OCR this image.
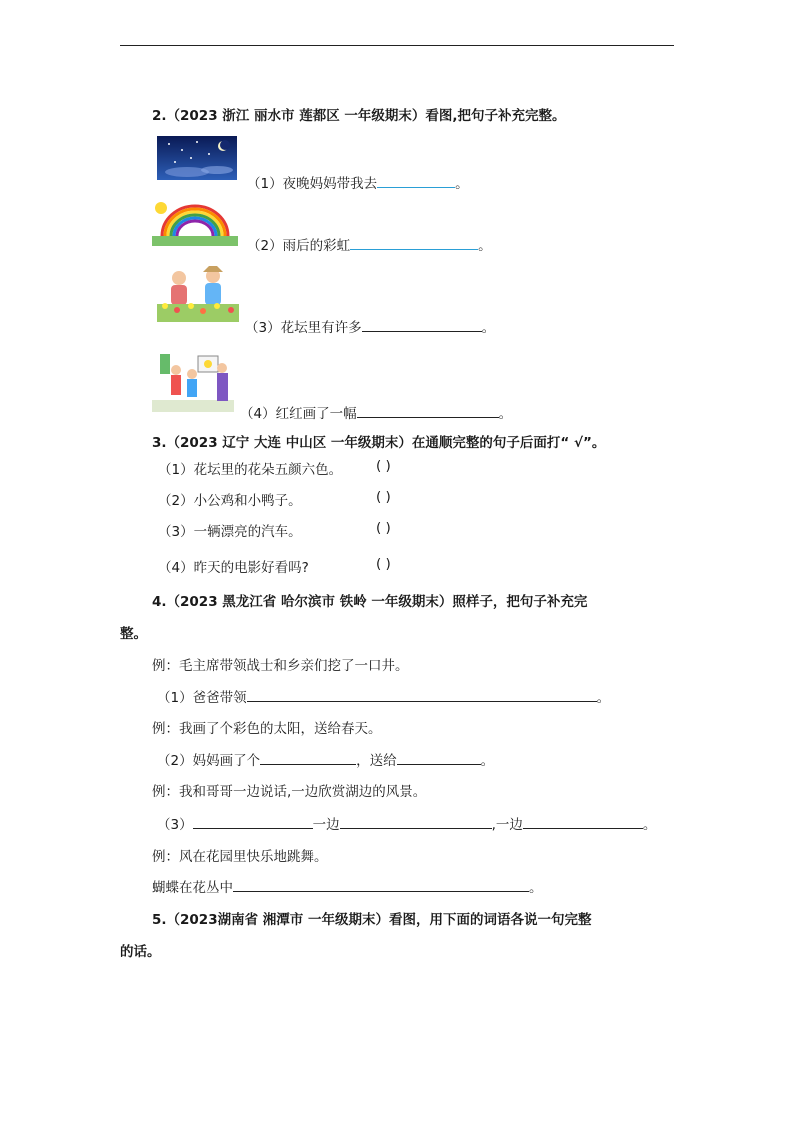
2.（2023 浙江 丽水市 莲都区 一年级期末）看图,把句子补充完整。
（1）夜晚妈妈带我去	。
（2）雨后的彩虹	。
（3）花坛里有许多	。
（4）红红画了一幅	。
3.（2023 辽宁 大连 中山区 一年级期末）在通顺完整的句子后面打“ √”。
（1）花坛里的花朵五颜六色。	( )
（2）小公鸡和小鸭子。	( )
（3）一辆漂亮的汽车。	( )
（4）昨天的电影好看吗?	( )
4.（2023 黑龙江省 哈尔滨市 铁岭 一年级期末）照样子，把句子补充完
整。
例：毛主席带领战士和乡亲们挖了一口井。
（1）爸爸带领	。
例：我画了个彩色的太阳，送给春天。
（2）妈妈画了个	，送给	。
例：我和哥哥一边说话,一边欣赏湖边的风景。
（3）	一边	,一边	。
例：风在花园里快乐地跳舞。
蝴蝶在花丛中	。
5.（2023湖南省 湘潭市 一年级期末）看图，用下面的词语各说一句完整
的话。
